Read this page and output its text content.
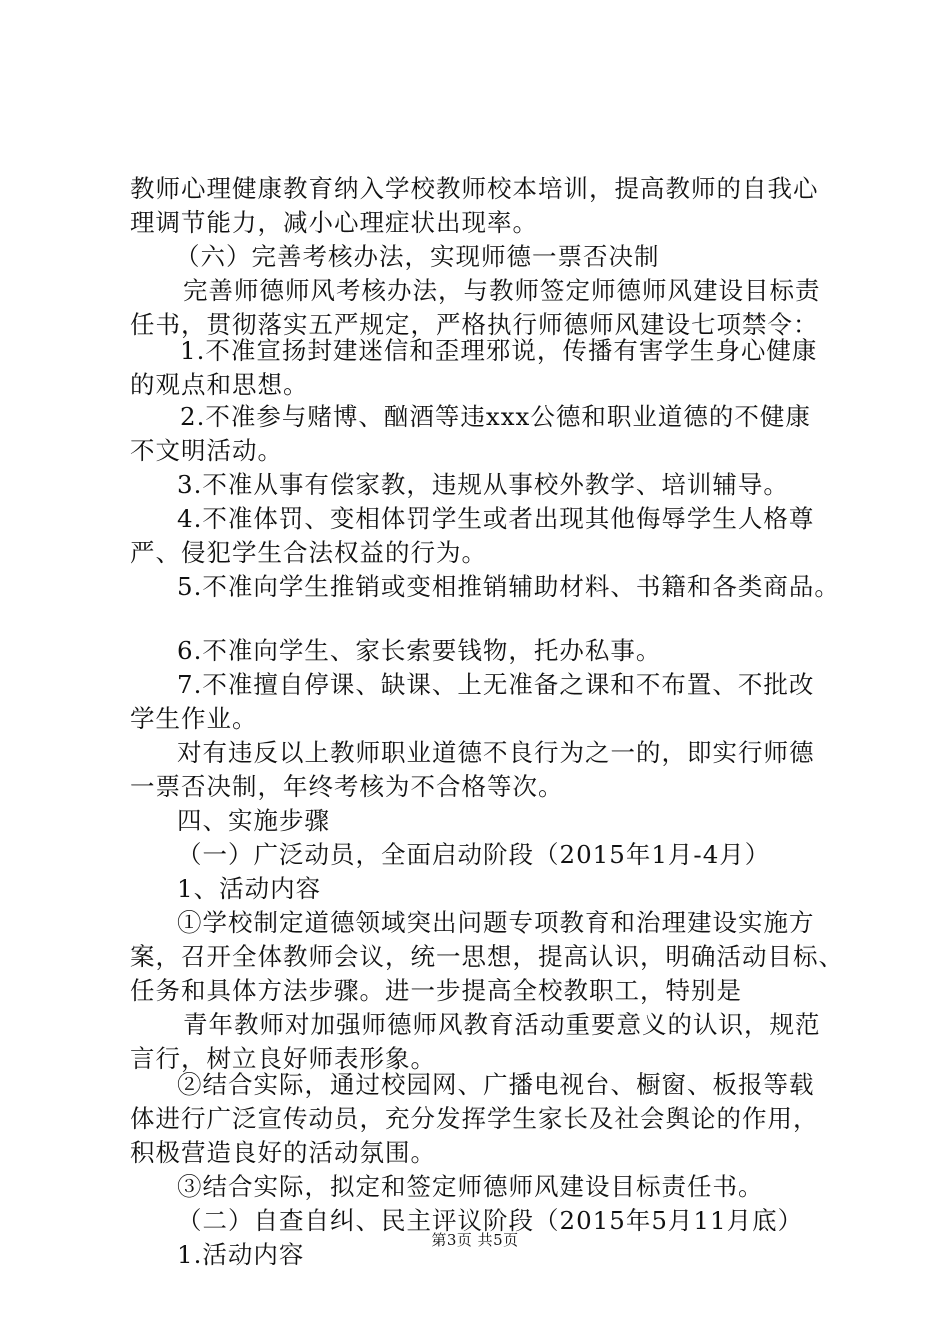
教师心理健康教育纳入学校教师校本培训，提高教师的自我心
理调节能力，减小心理症状出现率。
（六）完善考核办法，实现师德一票否决制
完善师德师风考核办法，与教师签定师德师风建设目标责
任书，贯彻落实五严规定，严格执行师德师风建设七项禁令：
1.不准宣扬封建迷信和歪理邪说，传播有害学生身心健康
的观点和思想。
2.不准参与赌博、酗酒等违xxx公德和职业道德的不健康
不文明活动。
3.不准从事有偿家教，违规从事校外教学、培训辅导。
4.不准体罚、变相体罚学生或者出现其他侮辱学生人格尊
严、侵犯学生合法权益的行为。
5.不准向学生推销或变相推销辅助材料、书籍和各类商品。
6.不准向学生、家长索要钱物，托办私事。
7.不准擅自停课、缺课、上无准备之课和不布置、不批改
学生作业。
对有违反以上教师职业道德不良行为之一的，即实行师德
一票否决制，年终考核为不合格等次。
四、实施步骤
（一）广泛动员，全面启动阶段（2015年1月-4月）
1、活动内容
①学校制定道德领域突出问题专项教育和治理建设实施方
案，召开全体教师会议，统一思想，提高认识，明确活动目标、
任务和具体方法步骤。进一步提高全校教职工，特别是
青年教师对加强师德师风教育活动重要意义的认识，规范
言行，树立良好师表形象。
②结合实际，通过校园网、广播电视台、橱窗、板报等载
体进行广泛宣传动员，充分发挥学生家长及社会舆论的作用，
积极营造良好的活动氛围。
③结合实际，拟定和签定师德师风建设目标责任书。
（二）自查自纠、民主评议阶段（2015年5月11月底）
1.活动内容	第3页 共5页
